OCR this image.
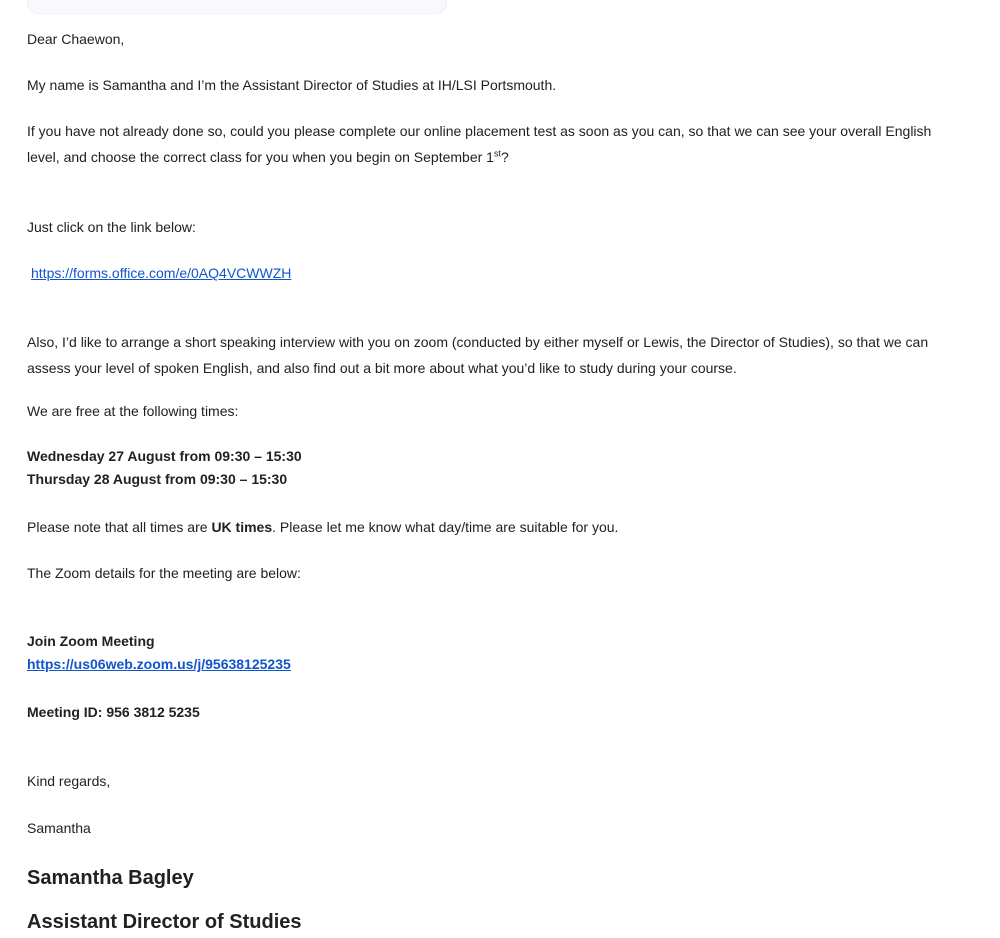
Dear Chaewon,

My name is Samantha and I’m the Assistant Director of Studies at IH/LSI Portsmouth.

If you have not already done so, could you please complete our online placement test as soon as you can, so that we can see your overall English level, and choose the correct class for you when you begin on September 1st?

Just click on the link below:

https://forms.office.com/e/0AQ4VCWWZH

Also, I’d like to arrange a short speaking interview with you on zoom (conducted by either myself or Lewis, the Director of Studies), so that we can assess your level of spoken English, and also find out a bit more about what you’d like to study during your course.

We are free at the following times:

Wednesday 27 August from 09:30 – 15:30
Thursday 28 August from 09:30 – 15:30

Please note that all times are UK times. Please let me know what day/time are suitable for you.

The Zoom details for the meeting are below:

Join Zoom Meeting
https://us06web.zoom.us/j/95638125235

Meeting ID: 956 3812 5235

Kind regards,

Samantha

Samantha Bagley

Assistant Director of Studies
